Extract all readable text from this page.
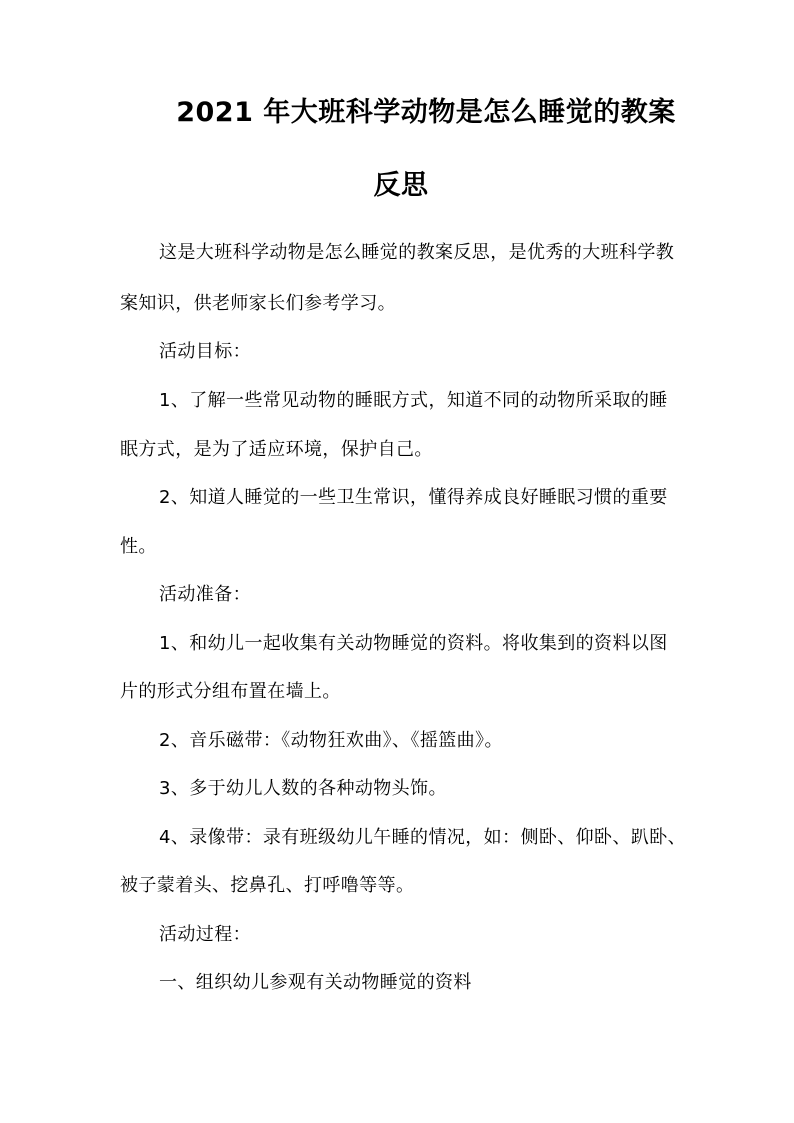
2021 年大班科学动物是怎么睡觉的教案
反思
这是大班科学动物是怎么睡觉的教案反思，是优秀的大班科学教
案知识，供老师家长们参考学习。
活动目标：
1、了解一些常见动物的睡眠方式，知道不同的动物所采取的睡
眠方式，是为了适应环境，保护自己。
2、知道人睡觉的一些卫生常识，懂得养成良好睡眠习惯的重要
性。
活动准备：
1、和幼儿一起收集有关动物睡觉的资料。将收集到的资料以图
片的形式分组布置在墙上。
2、音乐磁带：《动物狂欢曲》、《摇篮曲》。
3、多于幼儿人数的各种动物头饰。
4、录像带：录有班级幼儿午睡的情况，如：侧卧、仰卧、趴卧、
被子蒙着头、挖鼻孔、打呼噜等等。
活动过程：
一、组织幼儿参观有关动物睡觉的资料
